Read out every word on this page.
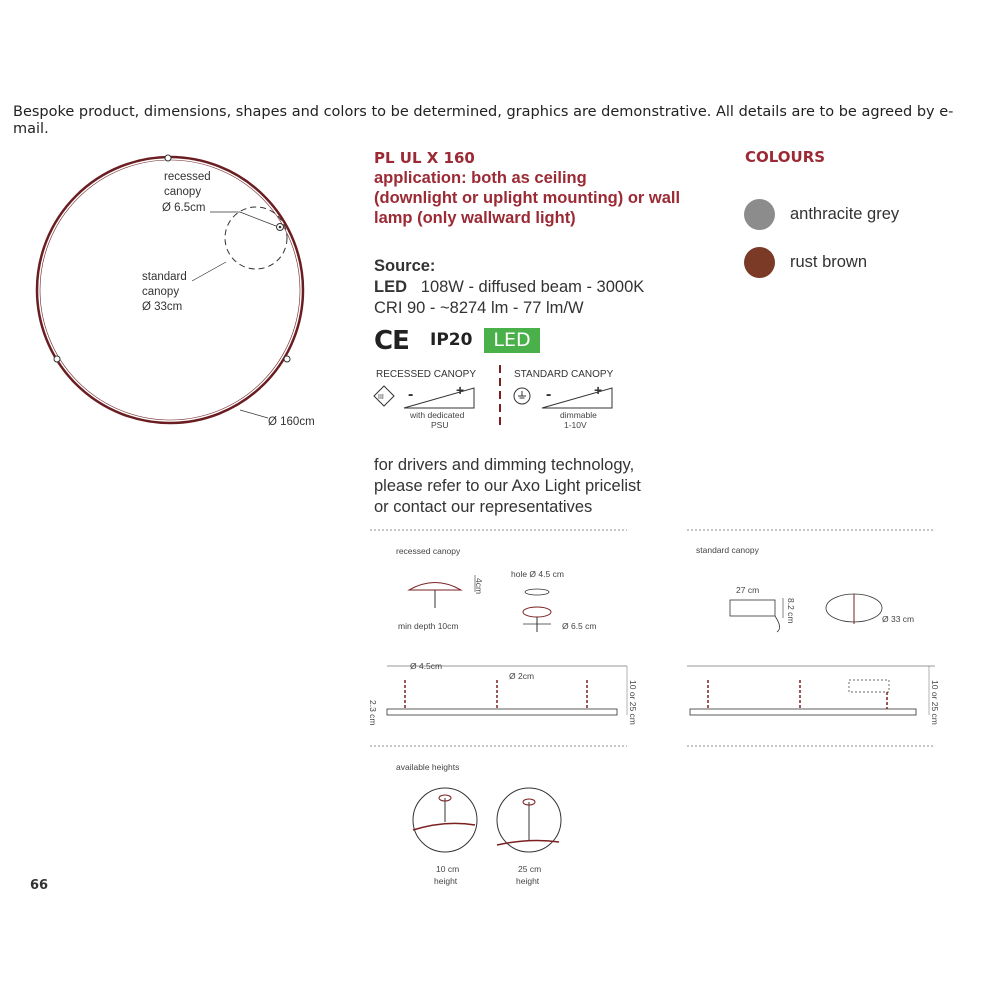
Bespoke product, dimensions, shapes and colors to be determined, graphics are demonstrative. All details are to be agreed by e-mail.
recessed
canopy
Ø 6.5cm
standard
canopy
Ø 33cm
Ø 160cm
PL UL X 160
application: both as ceiling
(downlight or uplight mounting) or wall
lamp (only wallward light)
Source:
LED 108W - diffused beam - 3000K
CRI 90 - ~8274 lm - 77 lm/W
CE IP20	LED
RECESSED CANOPY	STANDARD CANOPY
III -	+	-	+
with dedicated
PSU
dimmable
1-10V
COLOURS
anthracite grey
rust brown
for drivers and dimming technology,
please refer to our Axo Light pricelist
or contact our representatives
recessed canopy
4cm
min depth 10cm
hole Ø 4.5 cm
Ø 6.5 cm
standard canopy
27 cm
8.2 cm	Ø 33 cm
Ø 4.5cm
Ø 2cm
2.3 cm	10 or 25 cm	10 or 25 cm
available heights
10 cm
height
25 cm
height
66
